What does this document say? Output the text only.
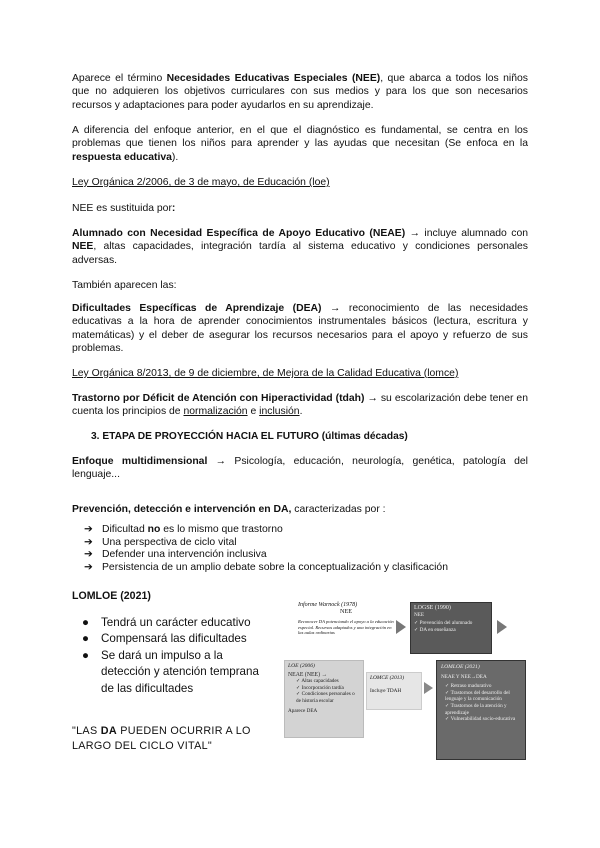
Aparece el término Necesidades Educativas Especiales (NEE), que abarca a todos los niños que no adquieren los objetivos curriculares con sus medios y para los que son necesarios recursos y adaptaciones para poder ayudarlos en su aprendizaje.

A diferencia del enfoque anterior, en el que el diagnóstico es fundamental, se centra en los problemas que tienen los niños para aprender y las ayudas que necesitan (Se enfoca en la respuesta educativa).

Ley Orgánica 2/2006, de 3 de mayo, de Educación (loe)

NEE es sustituida por:

Alumnado con Necesidad Específica de Apoyo Educativo (NEAE) → incluye alumnado con NEE, altas capacidades, integración tardía al sistema educativo y condiciones personales adversas.

También aparecen las:

Dificultades Específicas de Aprendizaje (DEA) → reconocimiento de las necesidades educativas a la hora de aprender conocimientos instrumentales básicos (lectura, escritura y matemáticas) y el deber de asegurar los recursos necesarios para el apoyo y refuerzo de sus problemas.

Ley Orgánica 8/2013, de 9 de diciembre, de Mejora de la Calidad Educativa (lomce)

Trastorno por Déficit de Atención con Hiperactividad (tdah) → su escolarización debe tener en cuenta los principios de normalización e inclusión.

3. ETAPA DE PROYECCIÓN HACIA EL FUTURO (últimas décadas)

Enfoque multidimensional → Psicología, educación, neurología, genética, patología del lenguaje...

Prevención, detección e intervención en DA, caracterizadas por :

➔ Dificultad no es lo mismo que trastorno
➔ Una perspectiva de ciclo vital
➔ Defender una intervención inclusiva
➔ Persistencia de un amplio debate sobre la conceptualización y clasificación

LOMLOE (2021)

● Tendrá un carácter educativo
● Compensará las dificultades
● Se dará un impulso a la detección y atención temprana de las dificultades

"LAS DA PUEDEN OCURRIR A LO LARGO DEL CICLO VITAL"

Informe Warnock (1978)
NEE
Reconocer DA potenciando el apoyo a la educación especial. Recursos adaptados y una integración en las aulas ordinarias
LOGSE (1990)
NEE
✓ Prevención del alumnado
✓ DA en enseñanza
LOE (2006)
NEAE (NEE) →
✓ Altas capacidades
✓ Incorporación tardía
✓ Condiciones personales o de historia escolar
Aparece DEA
LOMCE (2013)
Incluye TDAH
LOMLOE (2021)
NEAE Y NEE→DEA
✓ Retraso madurativo
✓ Trastornos del desarrollo del lenguaje y la comunicación
✓ Trastornos de la atención y aprendizaje
✓ Vulnerabilidad socio-educativa
